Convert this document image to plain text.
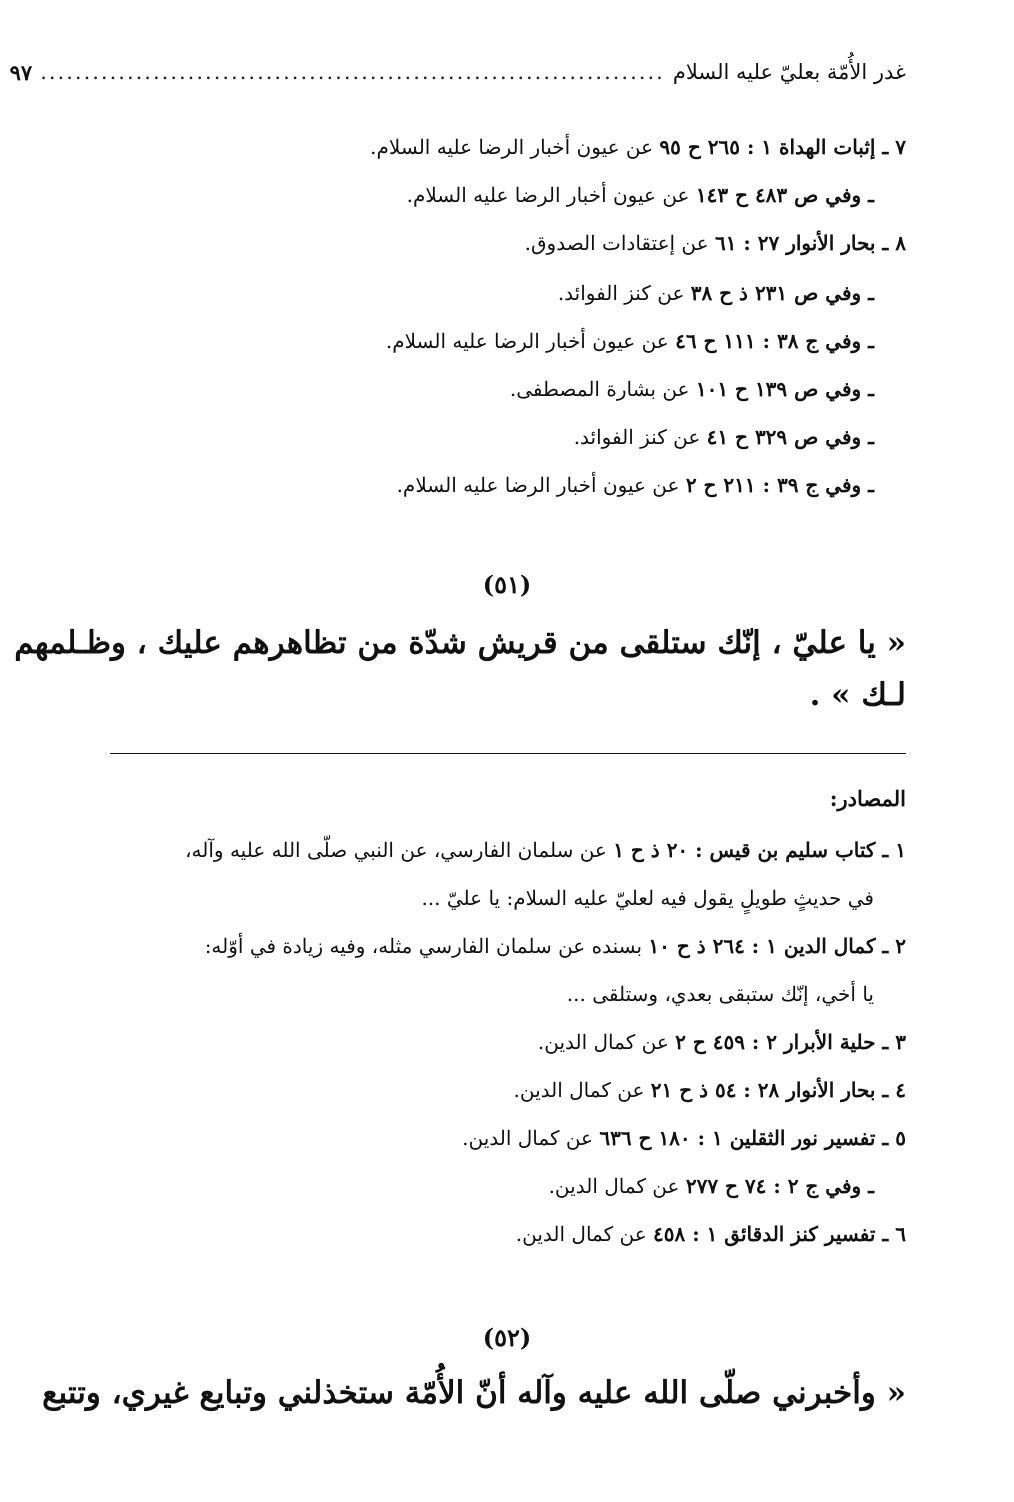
غدر الأُمّة بعليّ عليه السلام
........................................................................
٩٧
٧ ـ إثبات الهداة ١ : ٢٦٥ ح ٩٥ عن عيون أخبار الرضا عليه السلام.
ـ وفي ص ٤٨٣ ح ١٤٣ عن عيون أخبار الرضا عليه السلام.
٨ ـ بحار الأنوار ٢٧ : ٦١ عن إعتقادات الصدوق.
ـ وفي ص ٢٣١ ذ ح ٣٨ عن كنز الفوائد.
ـ وفي ج ٣٨ : ١١١ ح ٤٦ عن عيون أخبار الرضا عليه السلام.
ـ وفي ص ١٣٩ ح ١٠١ عن بشارة المصطفى.
ـ وفي ص ٣٢٩ ح ٤١ عن كنز الفوائد.
ـ وفي ج ٣٩ : ٢١١ ح ٢ عن عيون أخبار الرضا عليه السلام.
(٥١)
« يا عليّ ، إنّك ستلقى من قريش شدّة من تظاهرهم عليك ، وظـلمهم
لـك » .
المصادر:
١ ـ كتاب سليم بن قيس : ٢٠ ذ ح ١ عن سلمان الفارسي، عن النبي صلّى الله عليه وآله،
في حديثٍ طويلٍ يقول فيه لعليّ عليه السلام: يا عليّ ...
٢ ـ كمال الدين ١ : ٢٦٤ ذ ح ١٠ بسنده عن سلمان الفارسي مثله، وفيه زيادة في أوّله:
يا أخي، إنّك ستبقى بعدي، وستلقى ...
٣ ـ حلية الأبرار ٢ : ٤٥٩ ح ٢ عن كمال الدين.
٤ ـ بحار الأنوار ٢٨ : ٥٤ ذ ح ٢١ عن كمال الدين.
٥ ـ تفسير نور الثقلين ١ : ١٨٠ ح ٦٣٦ عن كمال الدين.
ـ وفي ج ٢ : ٧٤ ح ٢٧٧ عن كمال الدين.
٦ ـ تفسير كنز الدقائق ١ : ٤٥٨ عن كمال الدين.
(٥٢)
« وأخبرني صلّى الله عليه وآله أنّ الأُمّة ستخذلني وتبايع غيري، وتتبع
